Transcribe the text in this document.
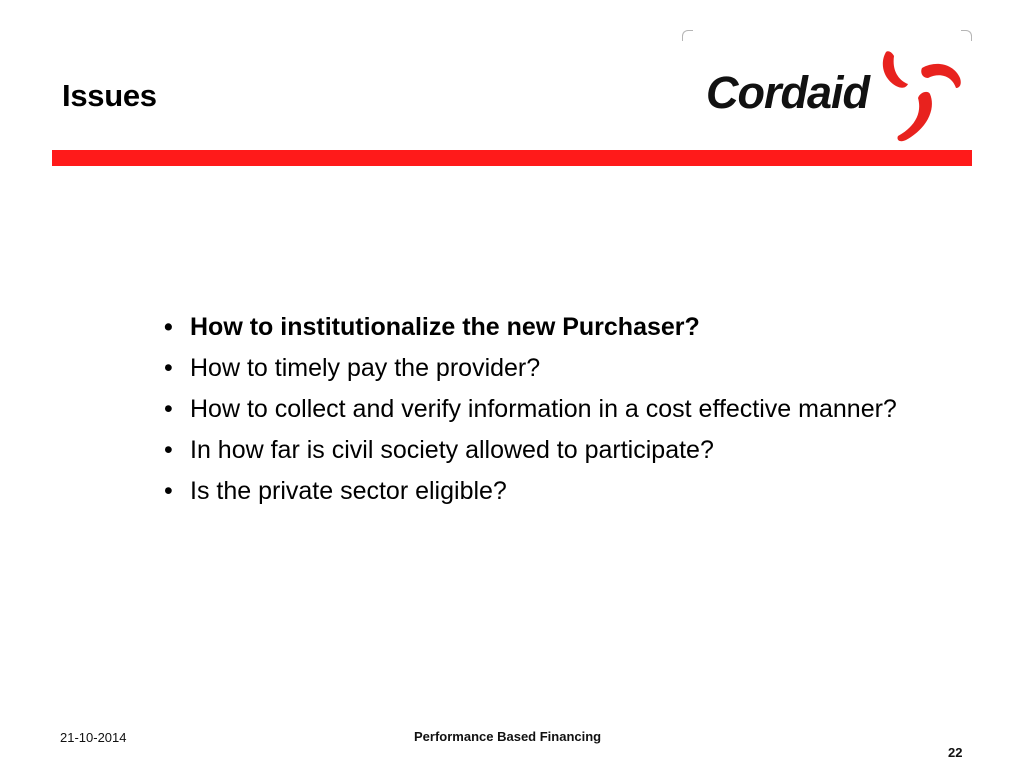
Issues	Cordaid
• How to institutionalize the new Purchaser?
• How to timely pay the provider?
• How to collect and verify information in a cost effective manner?
• In how far is civil society allowed to participate?
• Is the private sector eligible?
21-10-2014	Performance Based Financing
22
